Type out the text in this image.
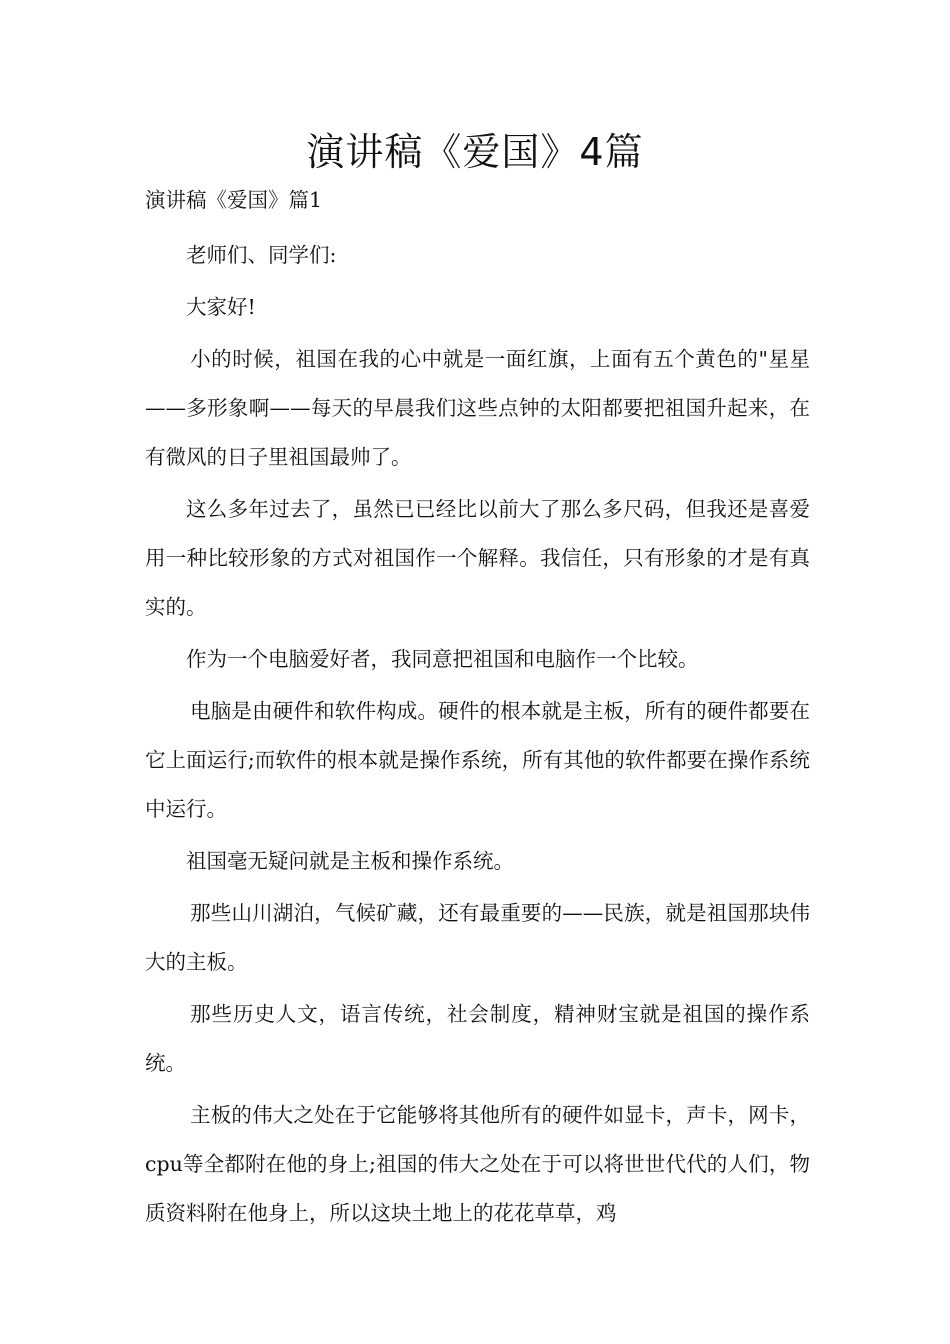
演讲稿《爱国》4篇
演讲稿《爱国》篇1

老师们、同学们:

大家好!

小的时候，祖国在我的心中就是一面红旗，上面有五个黄色的"星星——多形象啊——每天的早晨我们这些点钟的太阳都要把祖国升起来，在有微风的日子里祖国最帅了。

这么多年过去了，虽然已已经比以前大了那么多尺码，但我还是喜爱用一种比较形象的方式对祖国作一个解释。我信任，只有形象的才是有真实的。

作为一个电脑爱好者，我同意把祖国和电脑作一个比较。

电脑是由硬件和软件构成。硬件的根本就是主板，所有的硬件都要在它上面运行;而软件的根本就是操作系统，所有其他的软件都要在操作系统中运行。

祖国毫无疑问就是主板和操作系统。

那些山川湖泊，气候矿藏，还有最重要的——民族，就是祖国那块伟大的主板。

那些历史人文，语言传统，社会制度，精神财宝就是祖国的操作系统。

主板的伟大之处在于它能够将其他所有的硬件如显卡，声卡，网卡，cpu等全都附在他的身上;祖国的伟大之处在于可以将世世代代的人们，物质资料附在他身上，所以这块土地上的花花草草，鸡
